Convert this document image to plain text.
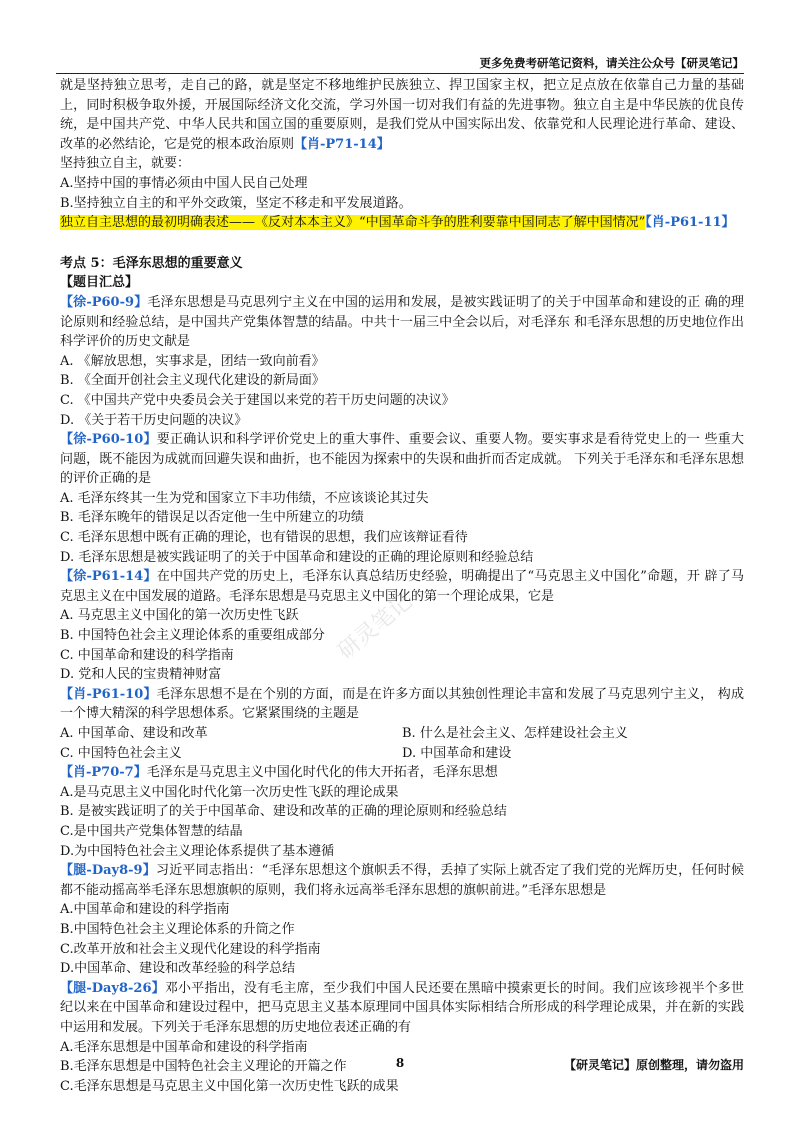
更多免费考研笔记资料，请关注公众号【研灵笔记】
研灵笔记

就是坚持独立思考，走自己的路，就是坚定不移地维护民族独立、捍卫国家主权，把立足点放在依靠自己力量的基础上，同时积极争取外援，开展国际经济文化交流，学习外国一切对我们有益的先进事物。独立自主是中华民族的优良传统，是中国共产党、中华人民共和国立国的重要原则，是我们党从中国实际出发、依靠党和人民理论进行革命、建设、改革的必然结论，它是党的根本政治原则【肖-P71-14】

坚持独立自主，就要：

A.坚持中国的事情必须由中国人民自己处理

B.坚持独立自主的和平外交政策，坚定不移走和平发展道路。

独立自主思想的最初明确表述——《反对本本主义》“中国革命斗争的胜利要靠中国同志了解中国情况”【肖-P61-11】

考点 5：毛泽东思想的重要意义

【题目汇总】

【徐-P60-9】毛泽东思想是马克思列宁主义在中国的运用和发展，是被实践证明了的关于中国革命和建设的正 确的理论原则和经验总结，是中国共产党集体智慧的结晶。中共十一届三中全会以后，对毛泽东 和毛泽东思想的历史地位作出科学评价的历史文献是

A. 《解放思想，实事求是，团结一致向前看》

B. 《全面开创社会主义现代化建设的新局面》

C. 《中国共产党中央委员会关于建国以来党的若干历史问题的决议》

D. 《关于若干历史问题的决议》

【徐-P60-10】要正确认识和科学评价党史上的重大事件、重要会议、重要人物。要实事求是看待党史上的一 些重大问题，既不能因为成就而回避失误和曲折，也不能因为探索中的失误和曲折而否定成就。 下列关于毛泽东和毛泽东思想的评价正确的是

A. 毛泽东终其一生为党和国家立下丰功伟绩，不应该谈论其过失

B. 毛泽东晚年的错误足以否定他一生中所建立的功绩

C. 毛泽东思想中既有正确的理论，也有错误的思想，我们应该辩证看待

D. 毛泽东思想是被实践证明了的关于中国革命和建设的正确的理论原则和经验总结

【徐-P61-14】在中国共产党的历史上，毛泽东认真总结历史经验，明确提出了“马克思主义中国化”命题，开 辟了马克思主义在中国发展的道路。毛泽东思想是马克思主义中国化的第一个理论成果，它是

A. 马克思主义中国化的第一次历史性飞跃

B. 中国特色社会主义理论体系的重要组成部分

C. 中国革命和建设的科学指南

D. 党和人民的宝贵精神财富

【肖-P61-10】毛泽东思想不是在个别的方面，而是在许多方面以其独创性理论丰富和发展了马克思列宁主义， 构成一个博大精深的科学思想体系。它紧紧围绕的主题是

A. 中国革命、建设和改革	B. 什么是社会主义、怎样建设社会主义
C. 中国特色社会主义	D. 中国革命和建设

【肖-P70-7】毛泽东是马克思主义中国化时代化的伟大开拓者，毛泽东思想

A.是马克思主义中国化时代化第一次历史性飞跃的理论成果

B. 是被实践证明了的关于中国革命、建设和改革的正确的理论原则和经验总结

C.是中国共产党集体智慧的结晶

D.为中国特色社会主义理论体系提供了基本遵循

【腿-Day8-9】习近平同志指出：“毛泽东思想这个旗帜丢不得，丢掉了实际上就否定了我们党的光辉历史，任何时候都不能动摇高举毛泽东思想旗帜的原则，我们将永远高举毛泽东思想的旗帜前进。”毛泽东思想是

A.中国革命和建设的科学指南

B.中国特色社会主义理论体系的升筒之作

C.改革开放和社会主义现代化建设的科学指南

D.中国革命、建设和改革经验的科学总结

【腿-Day8-26】邓小平指出，没有毛主席，至少我们中国人民还要在黑暗中摸索更长的时间。我们应该珍视半个多世纪以来在中国革命和建设过程中，把马克思主义基本原理同中国具体实际相结合所形成的科学理论成果，并在新的实践中运用和发展。下列关于毛泽东思想的历史地位表述正确的有

A.毛泽东思想是中国革命和建设的科学指南

B.毛泽东思想是中国特色社会主义理论的开篇之作

C.毛泽东思想是马克思主义中国化第一次历史性飞跃的成果

8	【研灵笔记】原创整理，请勿盗用
